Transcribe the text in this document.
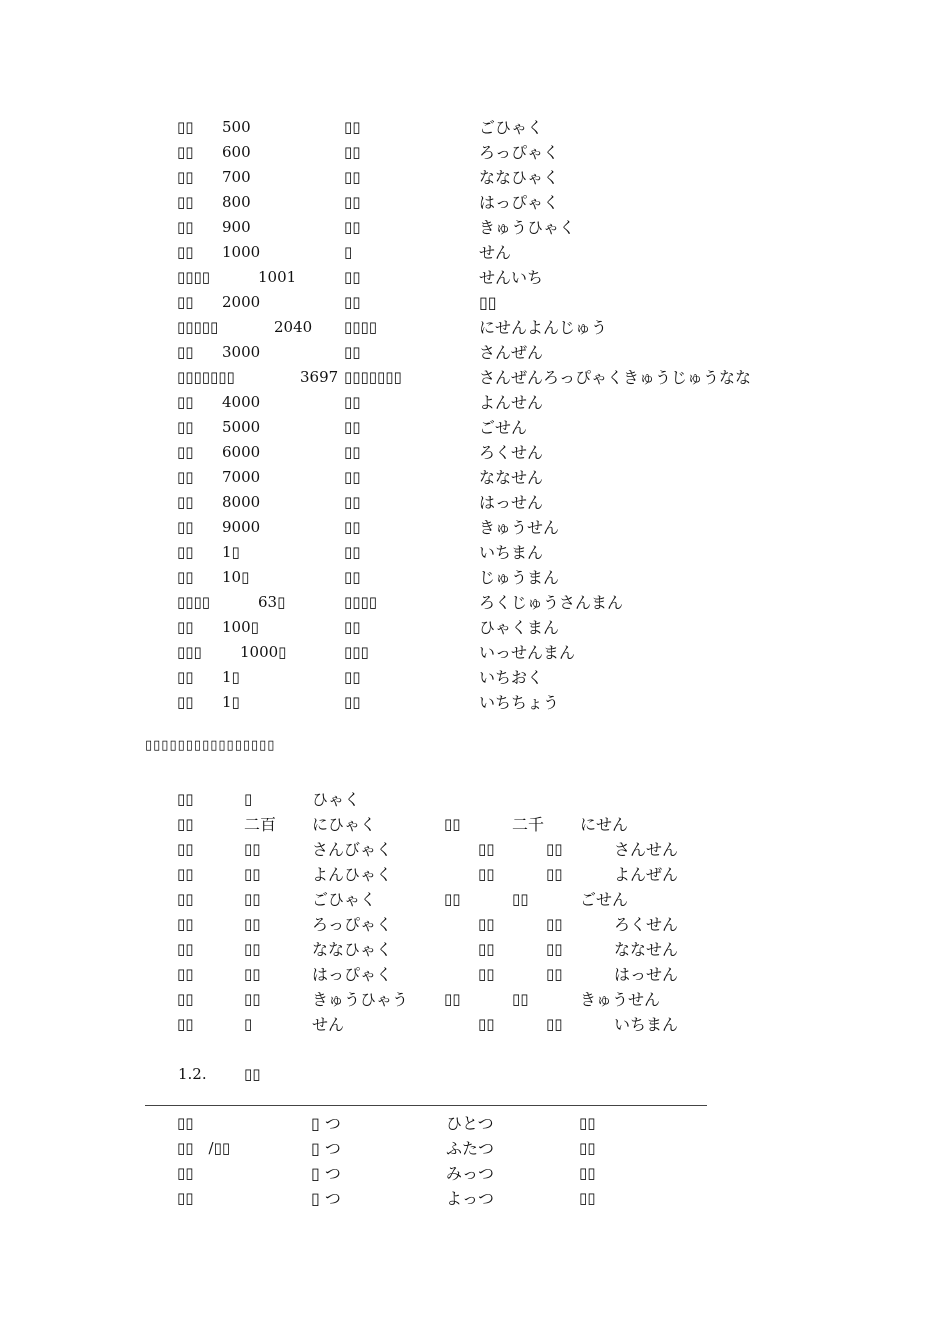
▯▯ 500	▯▯	ごひゃく
▯▯ 600	▯▯	ろっぴゃく
▯▯ 700	▯▯	ななひゃく
▯▯ 800	▯▯	はっぴゃく
▯▯ 900	▯▯	きゅうひゃく
▯▯ 1000	▯	せん
▯▯▯▯	1001	▯▯	せんいち
▯▯ 2000	▯▯	▯▯
▯▯▯▯▯	2040 ▯▯▯▯	にせんよんじゅう
▯▯ 3000	▯▯	さんぜん
▯▯▯▯▯▯▯	3697 ▯▯▯▯▯▯▯	さんぜんろっぴゃくきゅうじゅうなな
▯▯ 4000	▯▯	よんせん
▯▯ 5000	▯▯	ごせん
▯▯ 6000	▯▯	ろくせん
▯▯ 7000	▯▯	ななせん
▯▯ 8000	▯▯	はっせん
▯▯ 9000	▯▯	きゅうせん
▯▯ 1▯	▯▯	いちまん
▯▯ 10▯	▯▯	じゅうまん
▯▯▯▯	63▯	▯▯▯▯	ろくじゅうさんまん
▯▯ 100▯	▯▯	ひゃくまん
▯▯▯	1000▯	▯▯▯	いっせんまん
▯▯ 1▯	▯▯	いちおく
▯▯ 1▯	▯▯	いちちょう
▯▯▯▯▯▯▯▯▯▯▯▯▯▯▯▯
▯▯	▯	ひゃく
▯▯	二百 にひゃく	▯▯	二千 にせん
▯▯	▯▯	さんびゃく	▯▯	▯▯	さんせん
▯▯	▯▯	よんひゃく	▯▯	▯▯	よんぜん
▯▯	▯▯	ごひゃく	▯▯	▯▯	ごせん
▯▯	▯▯	ろっぴゃく	▯▯	▯▯	ろくせん
▯▯	▯▯	ななひゃく	▯▯	▯▯	ななせん
▯▯	▯▯	はっぴゃく	▯▯	▯▯	はっせん
▯▯	▯▯	きゅうひゃう ▯▯	▯▯	きゅうせん
▯▯	▯	せん	▯▯	▯▯	いちまん
1.2. ▯▯
▯▯	▯ つ	ひとつ	▯▯
▯▯　/▯▯	▯ つ	ふたつ	▯▯
▯▯	▯ つ	みっつ	▯▯
▯▯	▯ つ	よっつ	▯▯
